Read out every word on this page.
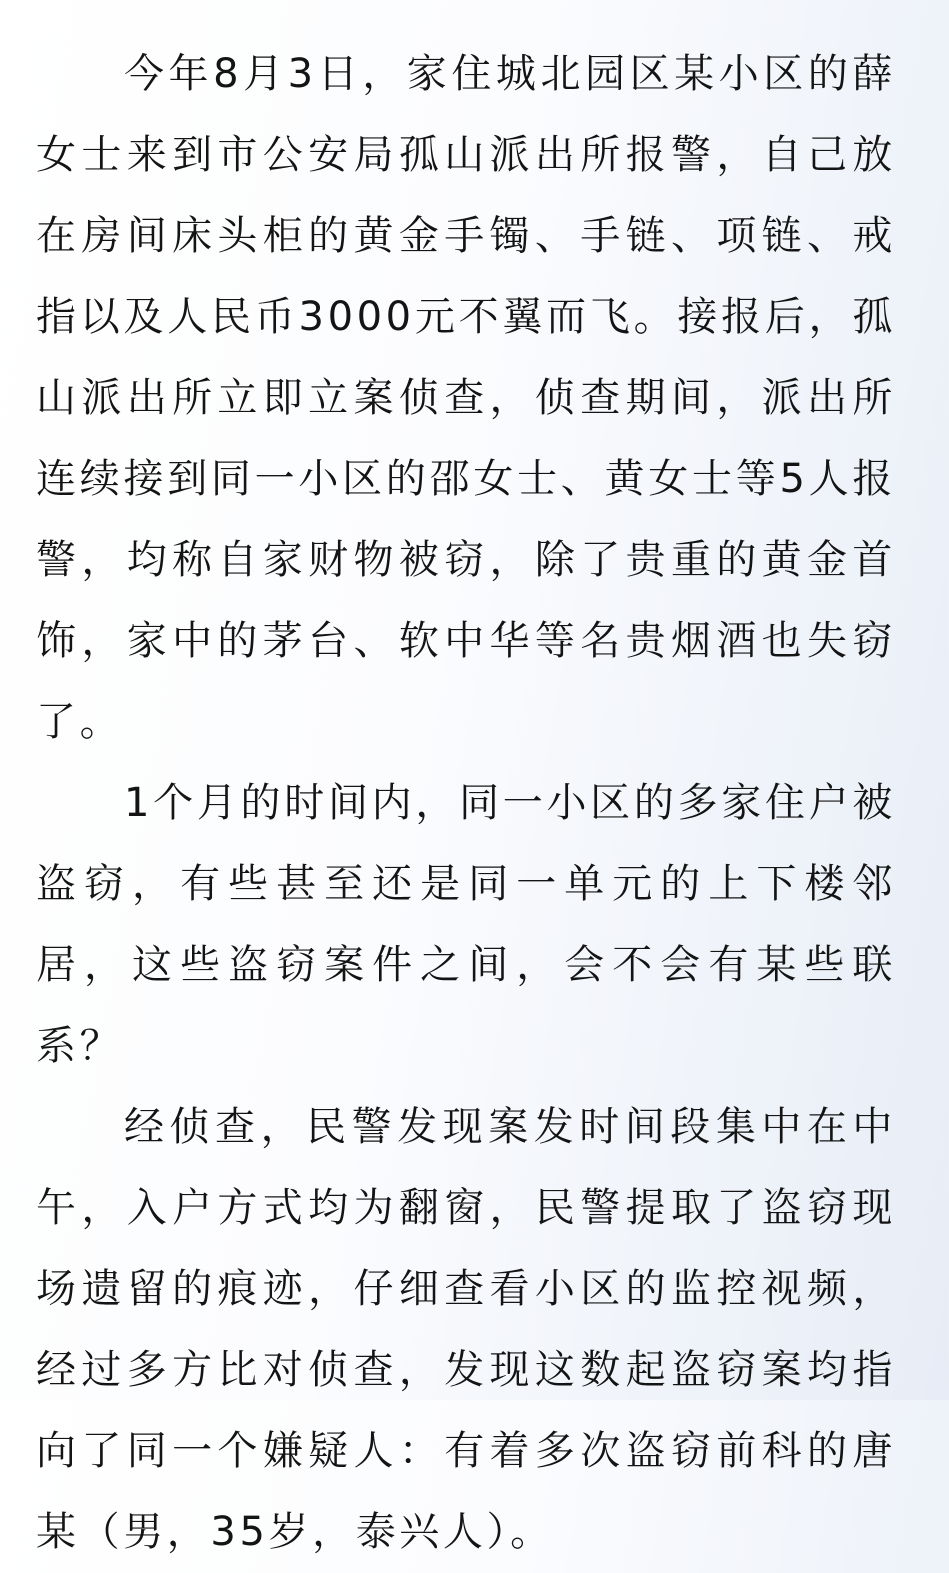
今年8月3日，家住城北园区某小区的薛女士来到市公安局孤山派出所报警，自己放在房间床头柜的黄金手镯、手链、项链、戒指以及人民币3000元不翼而飞。接报后，孤山派出所立即立案侦查，侦查期间，派出所连续接到同一小区的邵女士、黄女士等5人报警，均称自家财物被窃，除了贵重的黄金首饰，家中的茅台、软中华等名贵烟酒也失窃了。

1个月的时间内，同一小区的多家住户被盗窃，有些甚至还是同一单元的上下楼邻居，这些盗窃案件之间，会不会有某些联系？

经侦查，民警发现案发时间段集中在中午，入户方式均为翻窗，民警提取了盗窃现场遗留的痕迹，仔细查看小区的监控视频，经过多方比对侦查，发现这数起盗窃案均指向了同一个嫌疑人：有着多次盗窃前科的唐某（男，35岁，泰兴人）。
